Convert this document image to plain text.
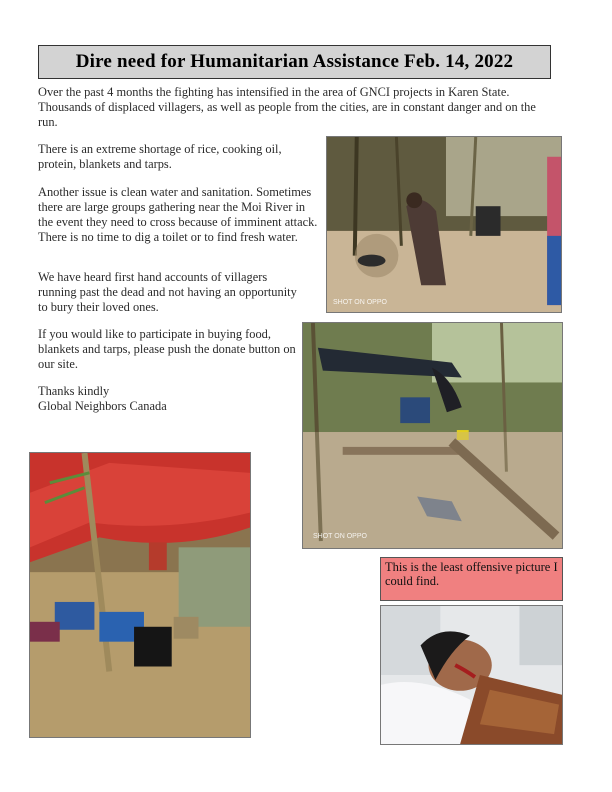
Dire need for Humanitarian Assistance Feb. 14, 2022

Over the past 4 months the fighting has intensified in the area of GNCI projects in Karen State. Thousands of displaced villagers, as well as people from the cities, are in constant danger and on the run.

There is an extreme shortage of rice, cooking oil, protein, blankets and tarps.

Another issue is clean water and sanitation. Sometimes there are large groups gathering near the Moi River in the event they need to cross because of imminent attack. There is no time to dig a toilet or to find fresh water.

We have heard first hand accounts of villagers running past the dead and not having an opportunity to bury their loved ones.

If you would like to participate in buying food, blankets and tarps, please push the donate button on our site.

Thanks kindly

Global Neighbors Canada

SHOT ON OPPO
SHOT ON OPPO
This is the least offensive picture I could find.
